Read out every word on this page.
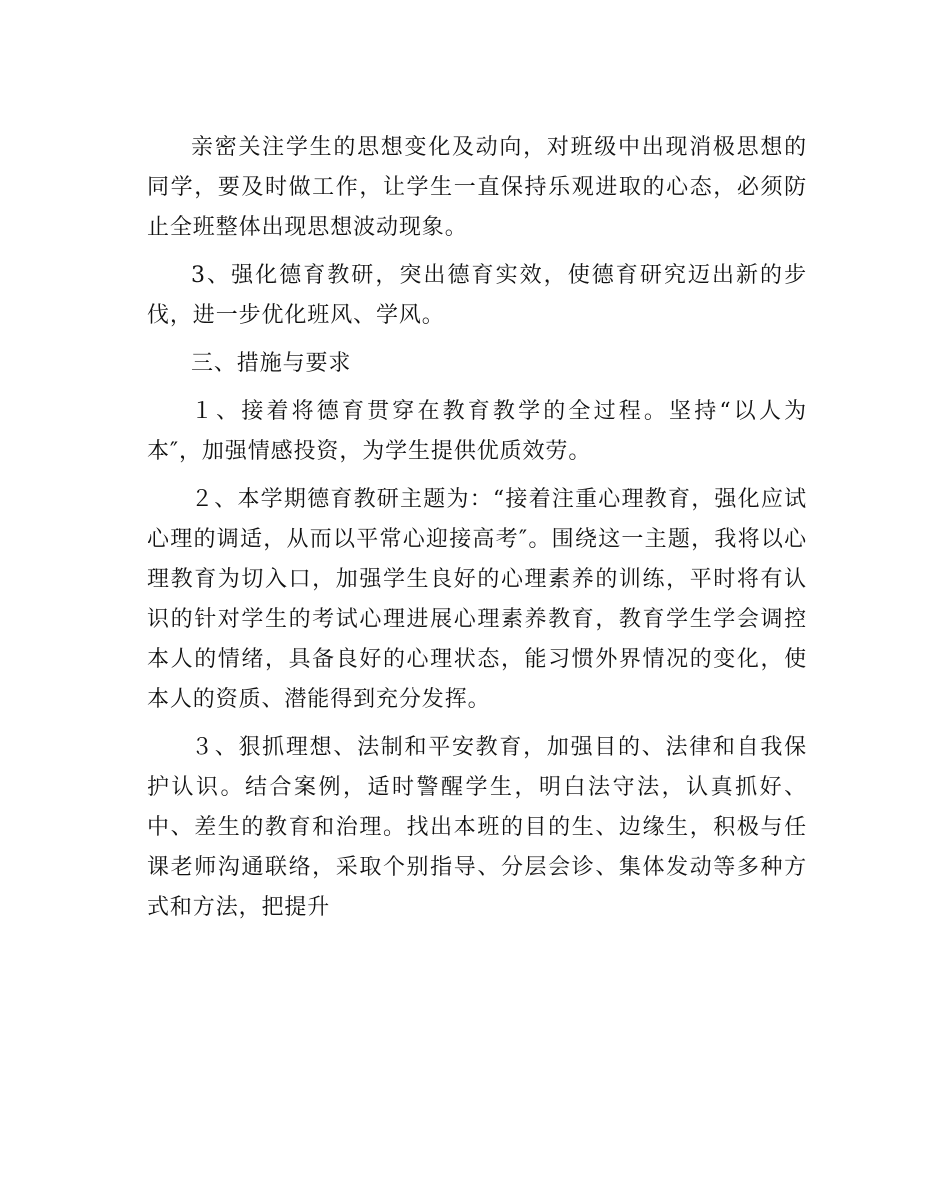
亲密关注学生的思想变化及动向，对班级中出现消极思想的同学，要及时做工作，让学生一直保持乐观进取的心态，必须防止全班整体出现思想波动现象。

3、强化德育教研，突出德育实效，使德育研究迈出新的步伐，进一步优化班风、学风。

三、措施与要求

１、接着将德育贯穿在教育教学的全过程。坚持“以人为本″，加强情感投资，为学生提供优质效劳。

２、本学期德育教研主题为：“接着注重心理教育，强化应试心理的调适，从而以平常心迎接高考″。围绕这一主题，我将以心理教育为切入口，加强学生良好的心理素养的训练，平时将有认识的针对学生的考试心理进展心理素养教育，教育学生学会调控本人的情绪，具备良好的心理状态，能习惯外界情况的变化，使本人的资质、潜能得到充分发挥。

３、狠抓理想、法制和平安教育，加强目的、法律和自我保护认识。结合案例，适时警醒学生，明白法守法，认真抓好、中、差生的教育和治理。找出本班的目的生、边缘生，积极与任课老师沟通联络，采取个别指导、分层会诊、集体发动等多种方式和方法，把提升
